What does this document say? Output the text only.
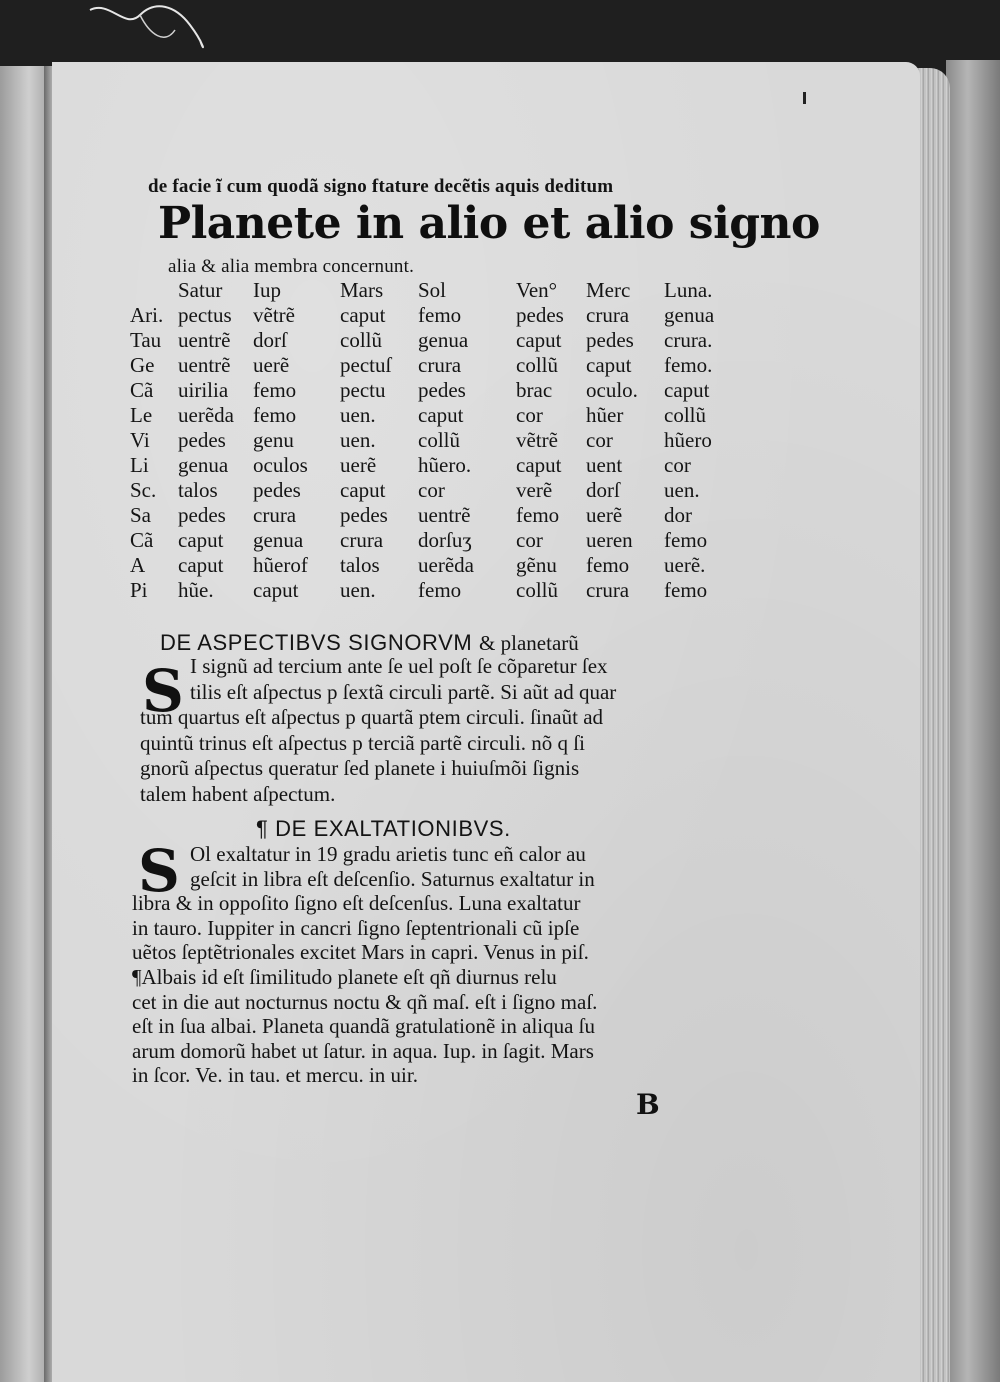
de facie ĩ cum quodã signo ftature decẽtis aquis deditum
Planete in alio et alio signo
alia & alia membra concernunt.
	Satur	Iup	Mars	Sol	Ven°	Merc	Luna.
Ari.	pectus	vẽtrẽ	caput	femo	pedes	crura	genua
Tau	uentrẽ	dorſ	collũ	genua	caput	pedes	crura.
Ge	uentrẽ	uerẽ	pectuſ	crura	collũ	caput	femo.
Cã	uirilia	femo	pectu	pedes	brac	oculo.	caput
Le	uerẽda	femo	uen.	caput	cor	hũer	collũ
Vi	pedes	genu	uen.	collũ	vẽtrẽ	cor	hũero
Li	genua	oculos	uerẽ	hũero.	caput	uent	cor
Sc.	talos	pedes	caput	cor	verẽ	dorſ	uen.
Sa	pedes	crura	pedes	uentrẽ	femo	uerẽ	dor
Cã	caput	genua	crura	dorſuʒ	cor	ueren	femo
A	caput	hũerof	talos	uerẽda	gẽnu	femo	uerẽ.
Pi	hũe.	caput	uen.	femo	collũ	crura	femo
DE ASPECTIBVS SIGNORVM & planetarũ
S I signũ ad tercium ante ſe uel poſt ſe cõparetur ſex
tilis eſt aſpectus p ſextã circuli partẽ. Si aũt ad quar
tum quartus eſt aſpectus p quartã ptem circuli. ſinaũt ad
quintũ trinus eſt aſpectus p terciã partẽ circuli. nõ q ſi
gnorũ aſpectus queratur ſed planete i huiuſmõi ſignis
talem habent aſpectum.
¶ DE EXALTATIONIBVS.
S Ol exaltatur in 19 gradu arietis tunc eñ calor au
geſcit in libra eſt deſcenſio. Saturnus exaltatur in
libra & in oppoſito ſigno eſt deſcenſus. Luna exaltatur
in tauro. Iuppiter in cancri ſigno ſeptentrionali cũ ipſe
uẽtos ſeptẽtrionales excitet Mars in capri. Venus in piſ.
¶Albais id eſt ſimilitudo planete eſt qñ diurnus relu
cet in die aut nocturnus noctu & qñ maſ. eſt i ſigno maſ.
eſt in ſua albai. Planeta quandã gratulationẽ in aliqua ſu
arum domorũ habet ut ſatur. in aqua. Iup. in ſagit. Mars
in ſcor. Ve. in tau. et mercu. in uir.
B
